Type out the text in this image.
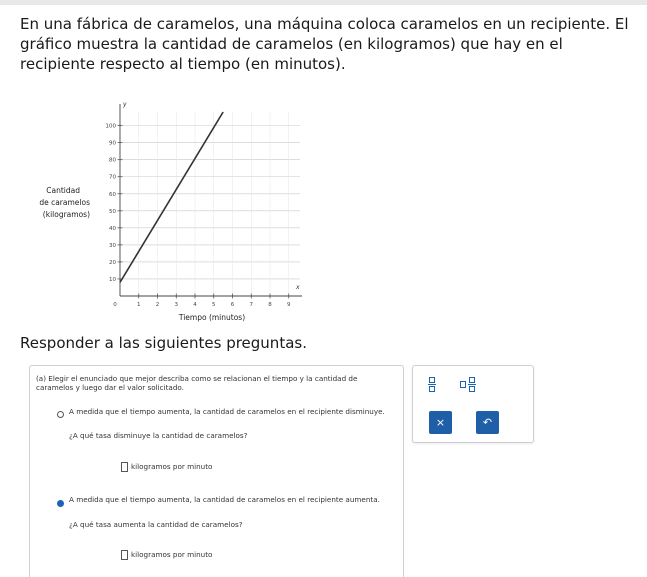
En una fábrica de caramelos, una máquina coloca caramelos en un recipiente. El gráfico muestra la cantidad de caramelos (en kilogramos) que hay en el recipiente respecto al tiempo (en minutos).
y
x
0
10
20
30
40
50
60
70
80
90
100
1	2	3	4	5	6	7	8	9
Cantidad
de caramelos
(kilogramos)
Tiempo (minutos)
Responder a las siguientes preguntas.
(a) Elegir el enunciado que mejor describa como se relacionan el tiempo y la cantidad de caramelos y luego dar el valor solicitado.
A medida que el tiempo aumenta, la cantidad de caramelos en el recipiente disminuye.
¿A qué tasa disminuye la cantidad de caramelos?
kilogramos por minuto
A medida que el tiempo aumenta, la cantidad de caramelos en el recipiente aumenta.
¿A qué tasa aumenta la cantidad de caramelos?
kilogramos por minuto
×	↶
